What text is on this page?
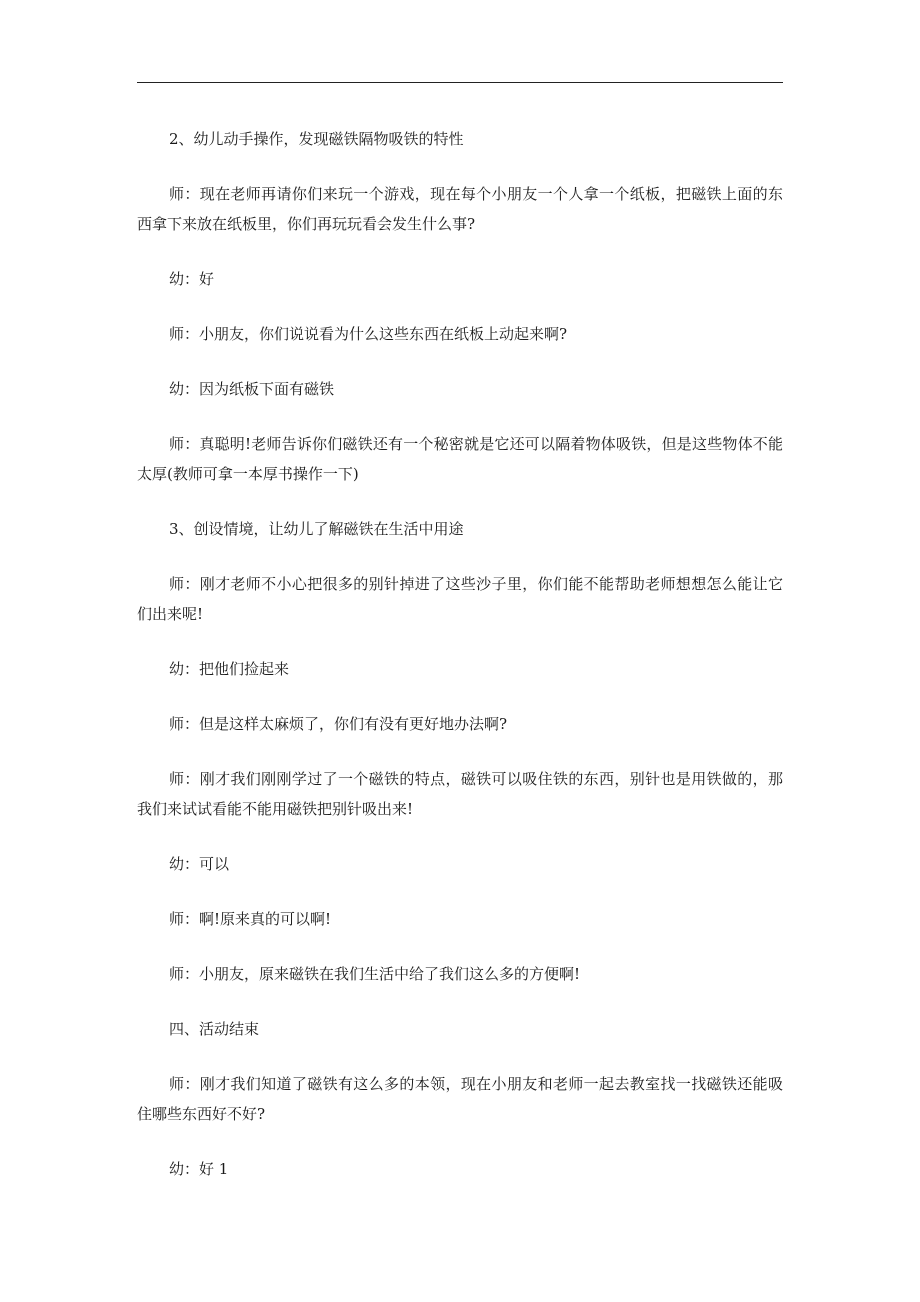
2、幼儿动手操作，发现磁铁隔物吸铁的特性

师：现在老师再请你们来玩一个游戏，现在每个小朋友一个人拿一个纸板，把磁铁上面的东西拿下来放在纸板里，你们再玩玩看会发生什么事?

幼：好

师：小朋友，你们说说看为什么这些东西在纸板上动起来啊?

幼：因为纸板下面有磁铁

师：真聪明!老师告诉你们磁铁还有一个秘密就是它还可以隔着物体吸铁，但是这些物体不能太厚(教师可拿一本厚书操作一下)

3、创设情境，让幼儿了解磁铁在生活中用途

师：刚才老师不小心把很多的别针掉进了这些沙子里，你们能不能帮助老师想想怎么能让它们出来呢!

幼：把他们捡起来

师：但是这样太麻烦了，你们有没有更好地办法啊?

师：刚才我们刚刚学过了一个磁铁的特点，磁铁可以吸住铁的东西，别针也是用铁做的，那我们来试试看能不能用磁铁把别针吸出来!

幼：可以

师：啊!原来真的可以啊!

师：小朋友，原来磁铁在我们生活中给了我们这么多的方便啊!

四、活动结束

师：刚才我们知道了磁铁有这么多的本领，现在小朋友和老师一起去教室找一找磁铁还能吸住哪些东西好不好?

幼：好 1
